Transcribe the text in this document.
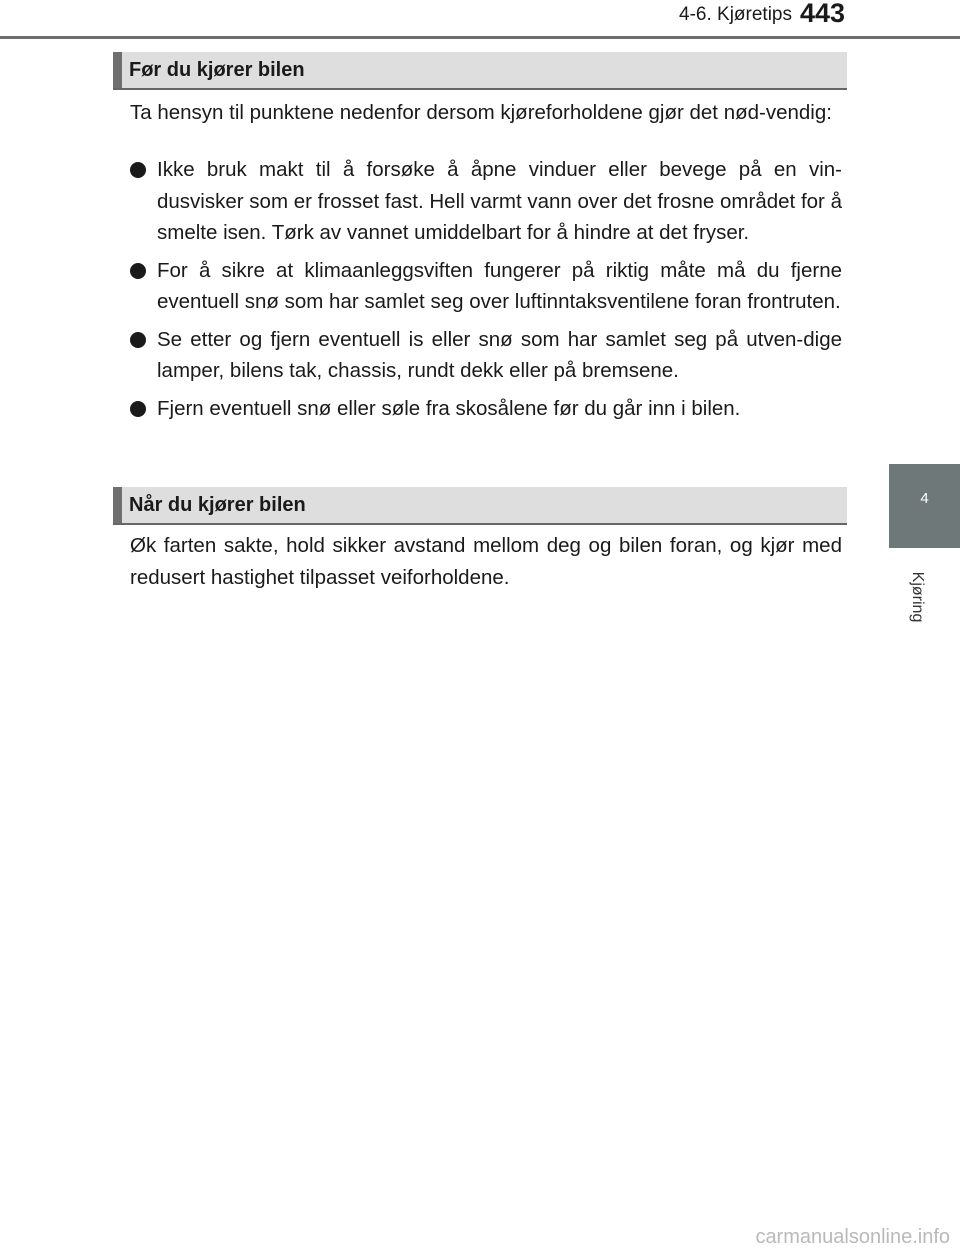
4-6. Kjøretips 443
4
Kjøring
Før du kjører bilen
Ta hensyn til punktene nedenfor dersom kjøreforholdene gjør det nød-vendig:
Ikke bruk makt til å forsøke å åpne vinduer eller bevege på en vin-dusvisker som er frosset fast. Hell varmt vann over det frosne området for å smelte isen. Tørk av vannet umiddelbart for å hindre at det fryser.
For å sikre at klimaanleggsviften fungerer på riktig måte må du fjerne eventuell snø som har samlet seg over luftinntaksventilene foran frontruten.
Se etter og fjern eventuell is eller snø som har samlet seg på utven-dige lamper, bilens tak, chassis, rundt dekk eller på bremsene.
Fjern eventuell snø eller søle fra skosålene før du går inn i bilen.
Når du kjører bilen
Øk farten sakte, hold sikker avstand mellom deg og bilen foran, og kjør med redusert hastighet tilpasset veiforholdene.
carmanualsonline.info
